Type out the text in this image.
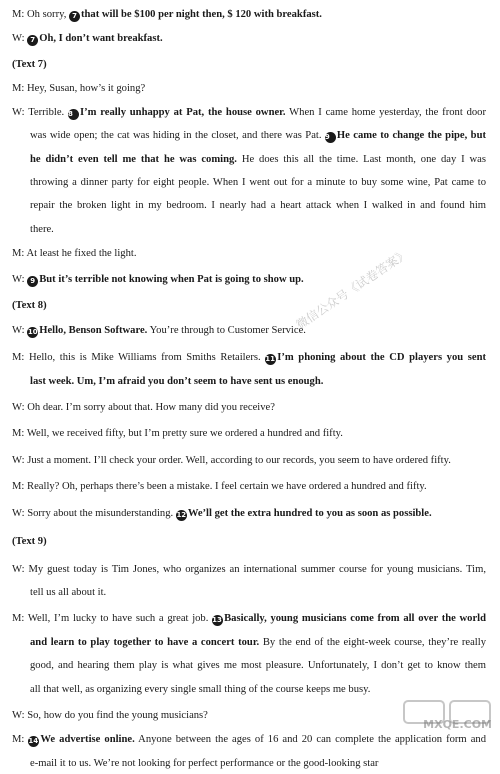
微信公众号《试卷答案》
MXQE.COM
M: Oh sorry, 7 that will be $100 per night then, $ 120 with breakfast.
W: 7 Oh, I don’t want breakfast.
(Text 7)
M: Hey, Susan, how’s it going?
W: Terrible. 8 I’m really unhappy at Pat, the house owner. When I came home yesterday, the front door
was wide open; the cat was hiding in the closet, and there was Pat. 9 He came to change the pipe, but
he didn’t even tell me that he was coming. He does this all the time. Last month, one day I was
throwing a dinner party for eight people. When I went out for a minute to buy some wine, Pat came to
repair the broken light in my bedroom. I nearly had a heart attack when I walked in and found him
there.
M: At least he fixed the light.
W: 9 But it’s terrible not knowing when Pat is going to show up.
(Text 8)
W: 10 Hello, Benson Software. You’re through to Customer Service.
M: Hello, this is Mike Williams from Smiths Retailers. 11 I’m phoning about the CD players you sent
last week. Um, I’m afraid you don’t seem to have sent us enough.
W: Oh dear. I’m sorry about that. How many did you receive?
M: Well, we received fifty, but I’m pretty sure we ordered a hundred and fifty.
W: Just a moment. I’ll check your order. Well, according to our records, you seem to have ordered fifty.
M: Really? Oh, perhaps there’s been a mistake. I feel certain we have ordered a hundred and fifty.
W: Sorry about the misunderstanding. 12 We’ll get the extra hundred to you as soon as possible.
(Text 9)
W: My guest today is Tim Jones, who organizes an international summer course for young musicians. Tim,
tell us all about it.
M: Well, I’m lucky to have such a great job. 13 Basically, young musicians come from all over the world
and learn to play together to have a concert tour. By the end of the eight-week course, they’re really
good, and hearing them play is what gives me most pleasure. Unfortunately, I don’t get to know them
all that well, as organizing every single small thing of the course keeps me busy.
W: So, how do you find the young musicians?
M: 14 We advertise online. Anyone between the ages of 16 and 20 can complete the application form and
e-mail it to us. We’re not looking for perfect performance or the good-looking star
